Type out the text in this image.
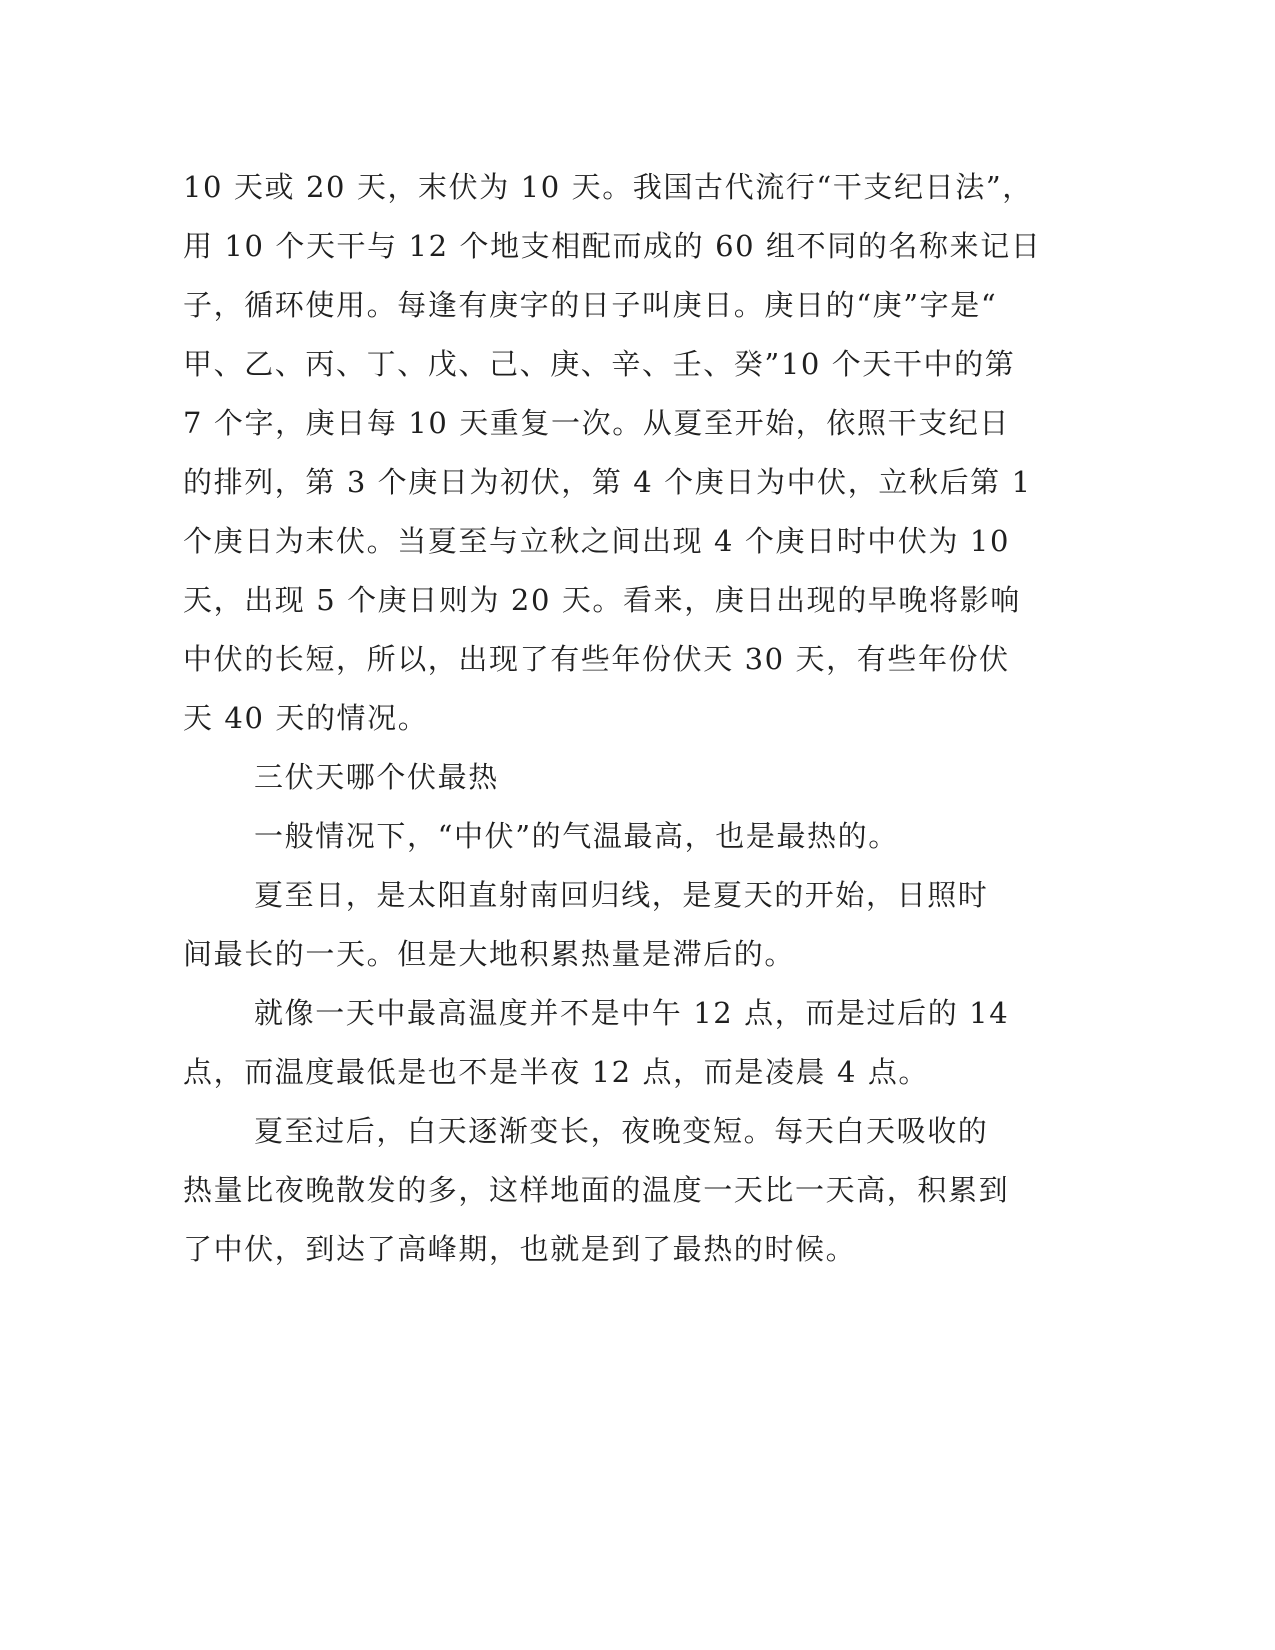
10 天或 20 天，末伏为 10 天。我国古代流行“干支纪日法”，
用 10 个天干与 12 个地支相配而成的 60 组不同的名称来记日
子，循环使用。每逢有庚字的日子叫庚日。庚日的“庚”字是“
甲、乙、丙、丁、戊、己、庚、辛、壬、癸”10 个天干中的第
7 个字，庚日每 10 天重复一次。从夏至开始，依照干支纪日
的排列，第 3 个庚日为初伏，第 4 个庚日为中伏，立秋后第 1
个庚日为末伏。当夏至与立秋之间出现 4 个庚日时中伏为 10
天，出现 5 个庚日则为 20 天。看来，庚日出现的早晚将影响
中伏的长短，所以，出现了有些年份伏天 30 天，有些年份伏
天 40 天的情况。
三伏天哪个伏最热
一般情况下，“中伏”的气温最高，也是最热的。
夏至日，是太阳直射南回归线，是夏天的开始，日照时
间最长的一天。但是大地积累热量是滞后的。
就像一天中最高温度并不是中午 12 点，而是过后的 14
点，而温度最低是也不是半夜 12 点，而是凌晨 4 点。
夏至过后，白天逐渐变长，夜晚变短。每天白天吸收的
热量比夜晚散发的多，这样地面的温度一天比一天高，积累到
了中伏，到达了高峰期，也就是到了最热的时候。
